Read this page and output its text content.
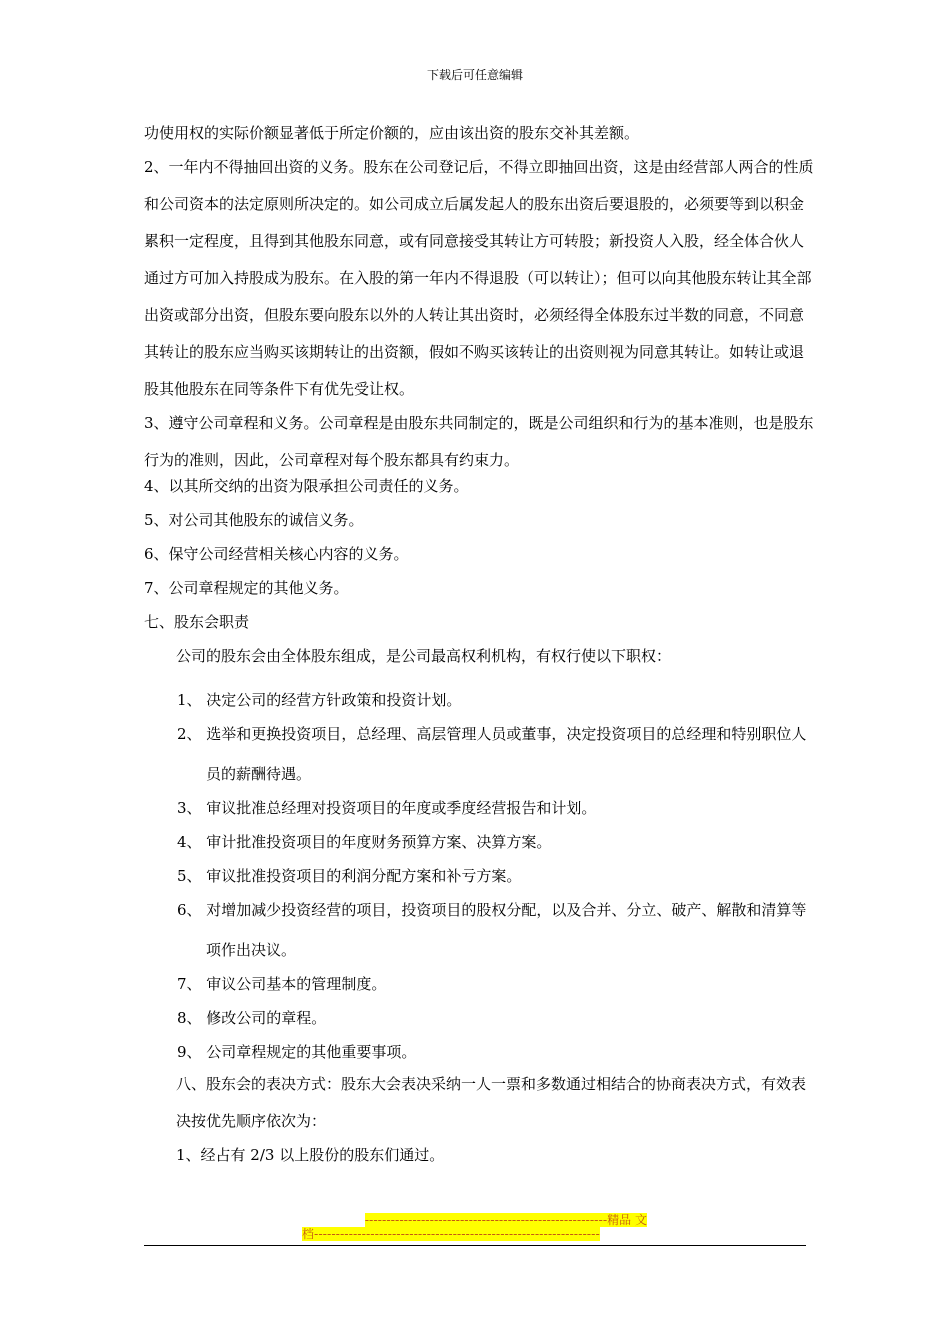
下载后可任意编辑

功使用权的实际价额显著低于所定价额的，应由该出资的股东交补其差额。

2、一年内不得抽回出资的义务。股东在公司登记后，不得立即抽回出资，这是由经营部人两合的性质和公司资本的法定原则所决定的。如公司成立后属发起人的股东出资后要退股的，必须要等到以积金累积一定程度，且得到其他股东同意，或有同意接受其转让方可转股；新投资人入股，经全体合伙人通过方可加入持股成为股东。在入股的第一年内不得退股（可以转让）；但可以向其他股东转让其全部出资或部分出资，但股东要向股东以外的人转让其出资时，必须经得全体股东过半数的同意，不同意其转让的股东应当购买该期转让的出资额，假如不购买该转让的出资则视为同意其转让。如转让或退股其他股东在同等条件下有优先受让权。

3、遵守公司章程和义务。公司章程是由股东共同制定的，既是公司组织和行为的基本准则，也是股东行为的准则，因此，公司章程对每个股东都具有约束力。

4、以其所交纳的出资为限承担公司责任的义务。

5、对公司其他股东的诚信义务。

6、保守公司经营相关核心内容的义务。

7、公司章程规定的其他义务。

七、股东会职责

公司的股东会由全体股东组成，是公司最高权利机构，有权行使以下职权：

1、 决定公司的经营方针政策和投资计划。

2、 选举和更换投资项目，总经理、高层管理人员或董事，决定投资项目的总经理和特别职位人员的薪酬待遇。

3、 审议批准总经理对投资项目的年度或季度经营报告和计划。

4、 审计批准投资项目的年度财务预算方案、决算方案。

5、 审议批准投资项目的利润分配方案和补亏方案。

6、 对增加减少投资经营的项目，投资项目的股权分配，以及合并、分立、破产、解散和清算等项作出决议。

7、 审议公司基本的管理制度。

8、 修改公司的章程。

9、 公司章程规定的其他重要事项。

八、股东会的表决方式：股东大会表决采纳一人一票和多数通过相结合的协商表决方式，有效表决按优先顺序依次为：

1、经占有 2/3 以上股份的股东们通过。

--------------------------------------------------------精品 文
档------------------------------------------------------------------
